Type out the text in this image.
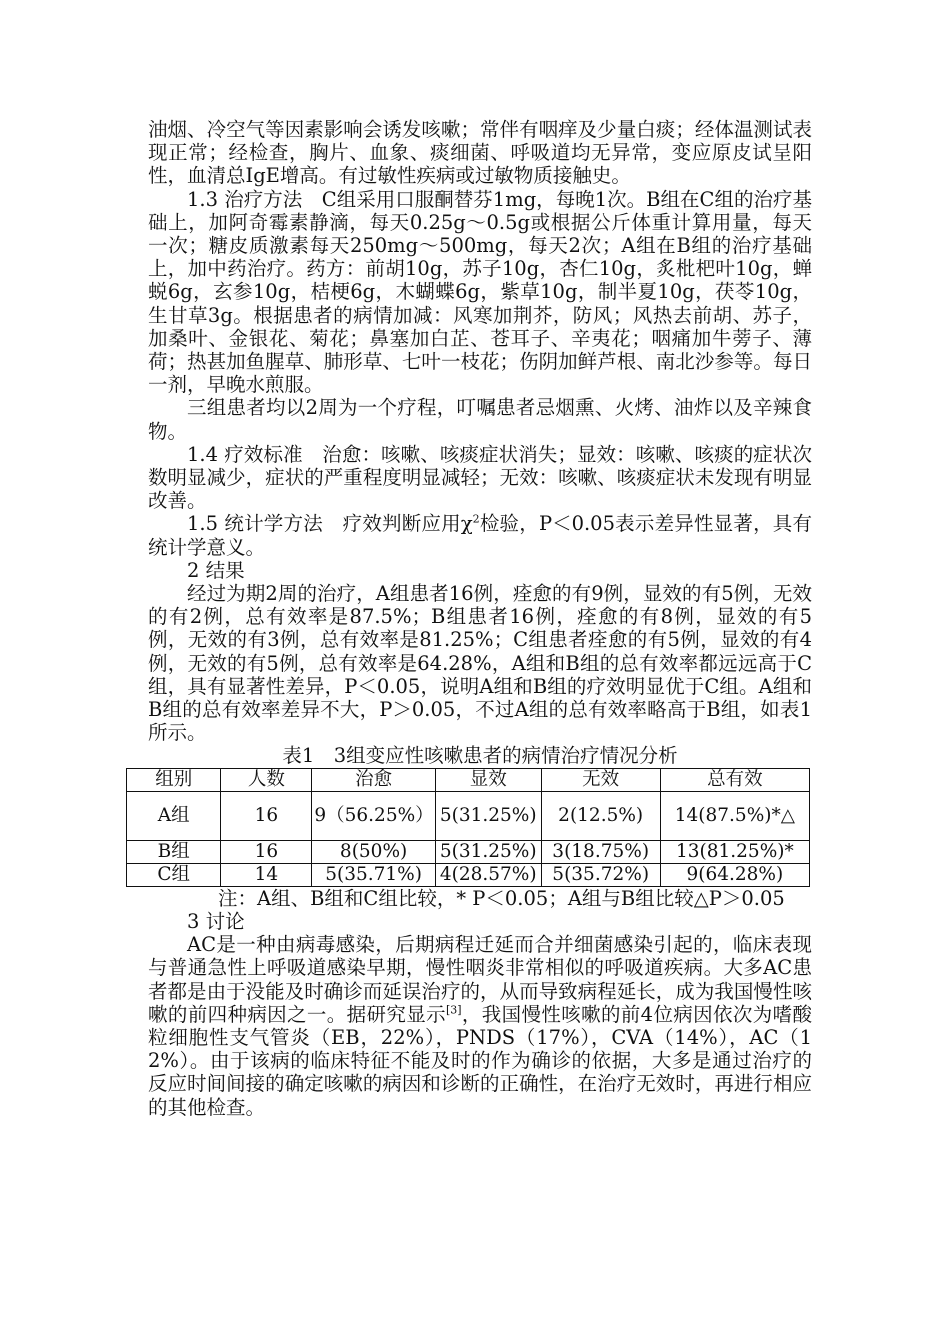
油烟、冷空气等因素影响会诱发咳嗽；常伴有咽痒及少量白痰；经体温测试表现正常；经检查，胸片、血象、痰细菌、呼吸道均无异常，变应原皮试呈阳性，血清总IgE增高。有过敏性疾病或过敏物质接触史。

1.3 治疗方法　C组采用口服酮替芬1mg，每晚1次。B组在C组的治疗基础上，加阿奇霉素静滴，每天0.25g～0.5g或根据公斤体重计算用量，每天一次；糖皮质激素每天250mg～500mg，每天2次；A组在B组的治疗基础上，加中药治疗。药方：前胡10g，苏子10g，杏仁10g，炙枇杷叶10g，蝉蜕6g，玄参10g，桔梗6g，木蝴蝶6g，紫草10g，制半夏10g，茯苓10g，生甘草3g。根据患者的病情加减：风寒加荆芥，防风；风热去前胡、苏子，加桑叶、金银花、菊花；鼻塞加白芷、苍耳子、辛夷花；咽痛加牛蒡子、薄荷；热甚加鱼腥草、肺形草、七叶一枝花；伤阴加鲜芦根、南北沙参等。每日一剂，早晚水煎服。

三组患者均以2周为一个疗程，叮嘱患者忌烟熏、火烤、油炸以及辛辣食物。

1.4 疗效标准　治愈：咳嗽、咳痰症状消失；显效：咳嗽、咳痰的症状次数明显减少，症状的严重程度明显减轻；无效：咳嗽、咳痰症状未发现有明显改善。

1.5 统计学方法　疗效判断应用$\chi^2$检验，P＜0.05表示差异性显著，具有统计学意义。

2 结果

经过为期2周的治疗，A组患者16例，痊愈的有9例，显效的有5例，无效的有2例，总有效率是87.5%；B组患者16例，痊愈的有8例，显效的有5例，无效的有3例，总有效率是81.25%；C组患者痊愈的有5例，显效的有4例，无效的有5例，总有效率是64.28%，A组和B组的总有效率都远远高于C组，具有显著性差异，P＜0.05，说明A组和B组的疗效明显优于C组。A组和B组的总有效率差异不大，P＞0.05，不过A组的总有效率略高于B组，如表1所示。

表1　3组变应性咳嗽患者的病情治疗情况分析

组别	人数	治愈	显效	无效	总有效
A组	16	9（56.25%）	5(31.25%)	2(12.5%)	14(87.5%)*△
B组	16	8(50%)	5(31.25%)	3(18.75%)	13(81.25%)*
C组	14	5(35.71%)	4(28.57%)	5(35.72%)	9(64.28%)

注：A组、B组和C组比较，* P＜0.05；A组与B组比较△P＞0.05

3 讨论

AC是一种由病毒感染，后期病程迁延而合并细菌感染引起的，临床表现与普通急性上呼吸道感染早期，慢性咽炎非常相似的呼吸道疾病。大多AC患者都是由于没能及时确诊而延误治疗的，从而导致病程延长，成为我国慢性咳嗽的前四种病因之一。据研究显示[3]，我国慢性咳嗽的前4位病因依次为嗜酸粒细胞性支气管炎（EB，22%），PNDS（17%），CVA（14%），AC（12%）。由于该病的临床特征不能及时的作为确诊的依据，大多是通过治疗的反应时间间接的确定咳嗽的病因和诊断的正确性，在治疗无效时，再进行相应的其他检查。
